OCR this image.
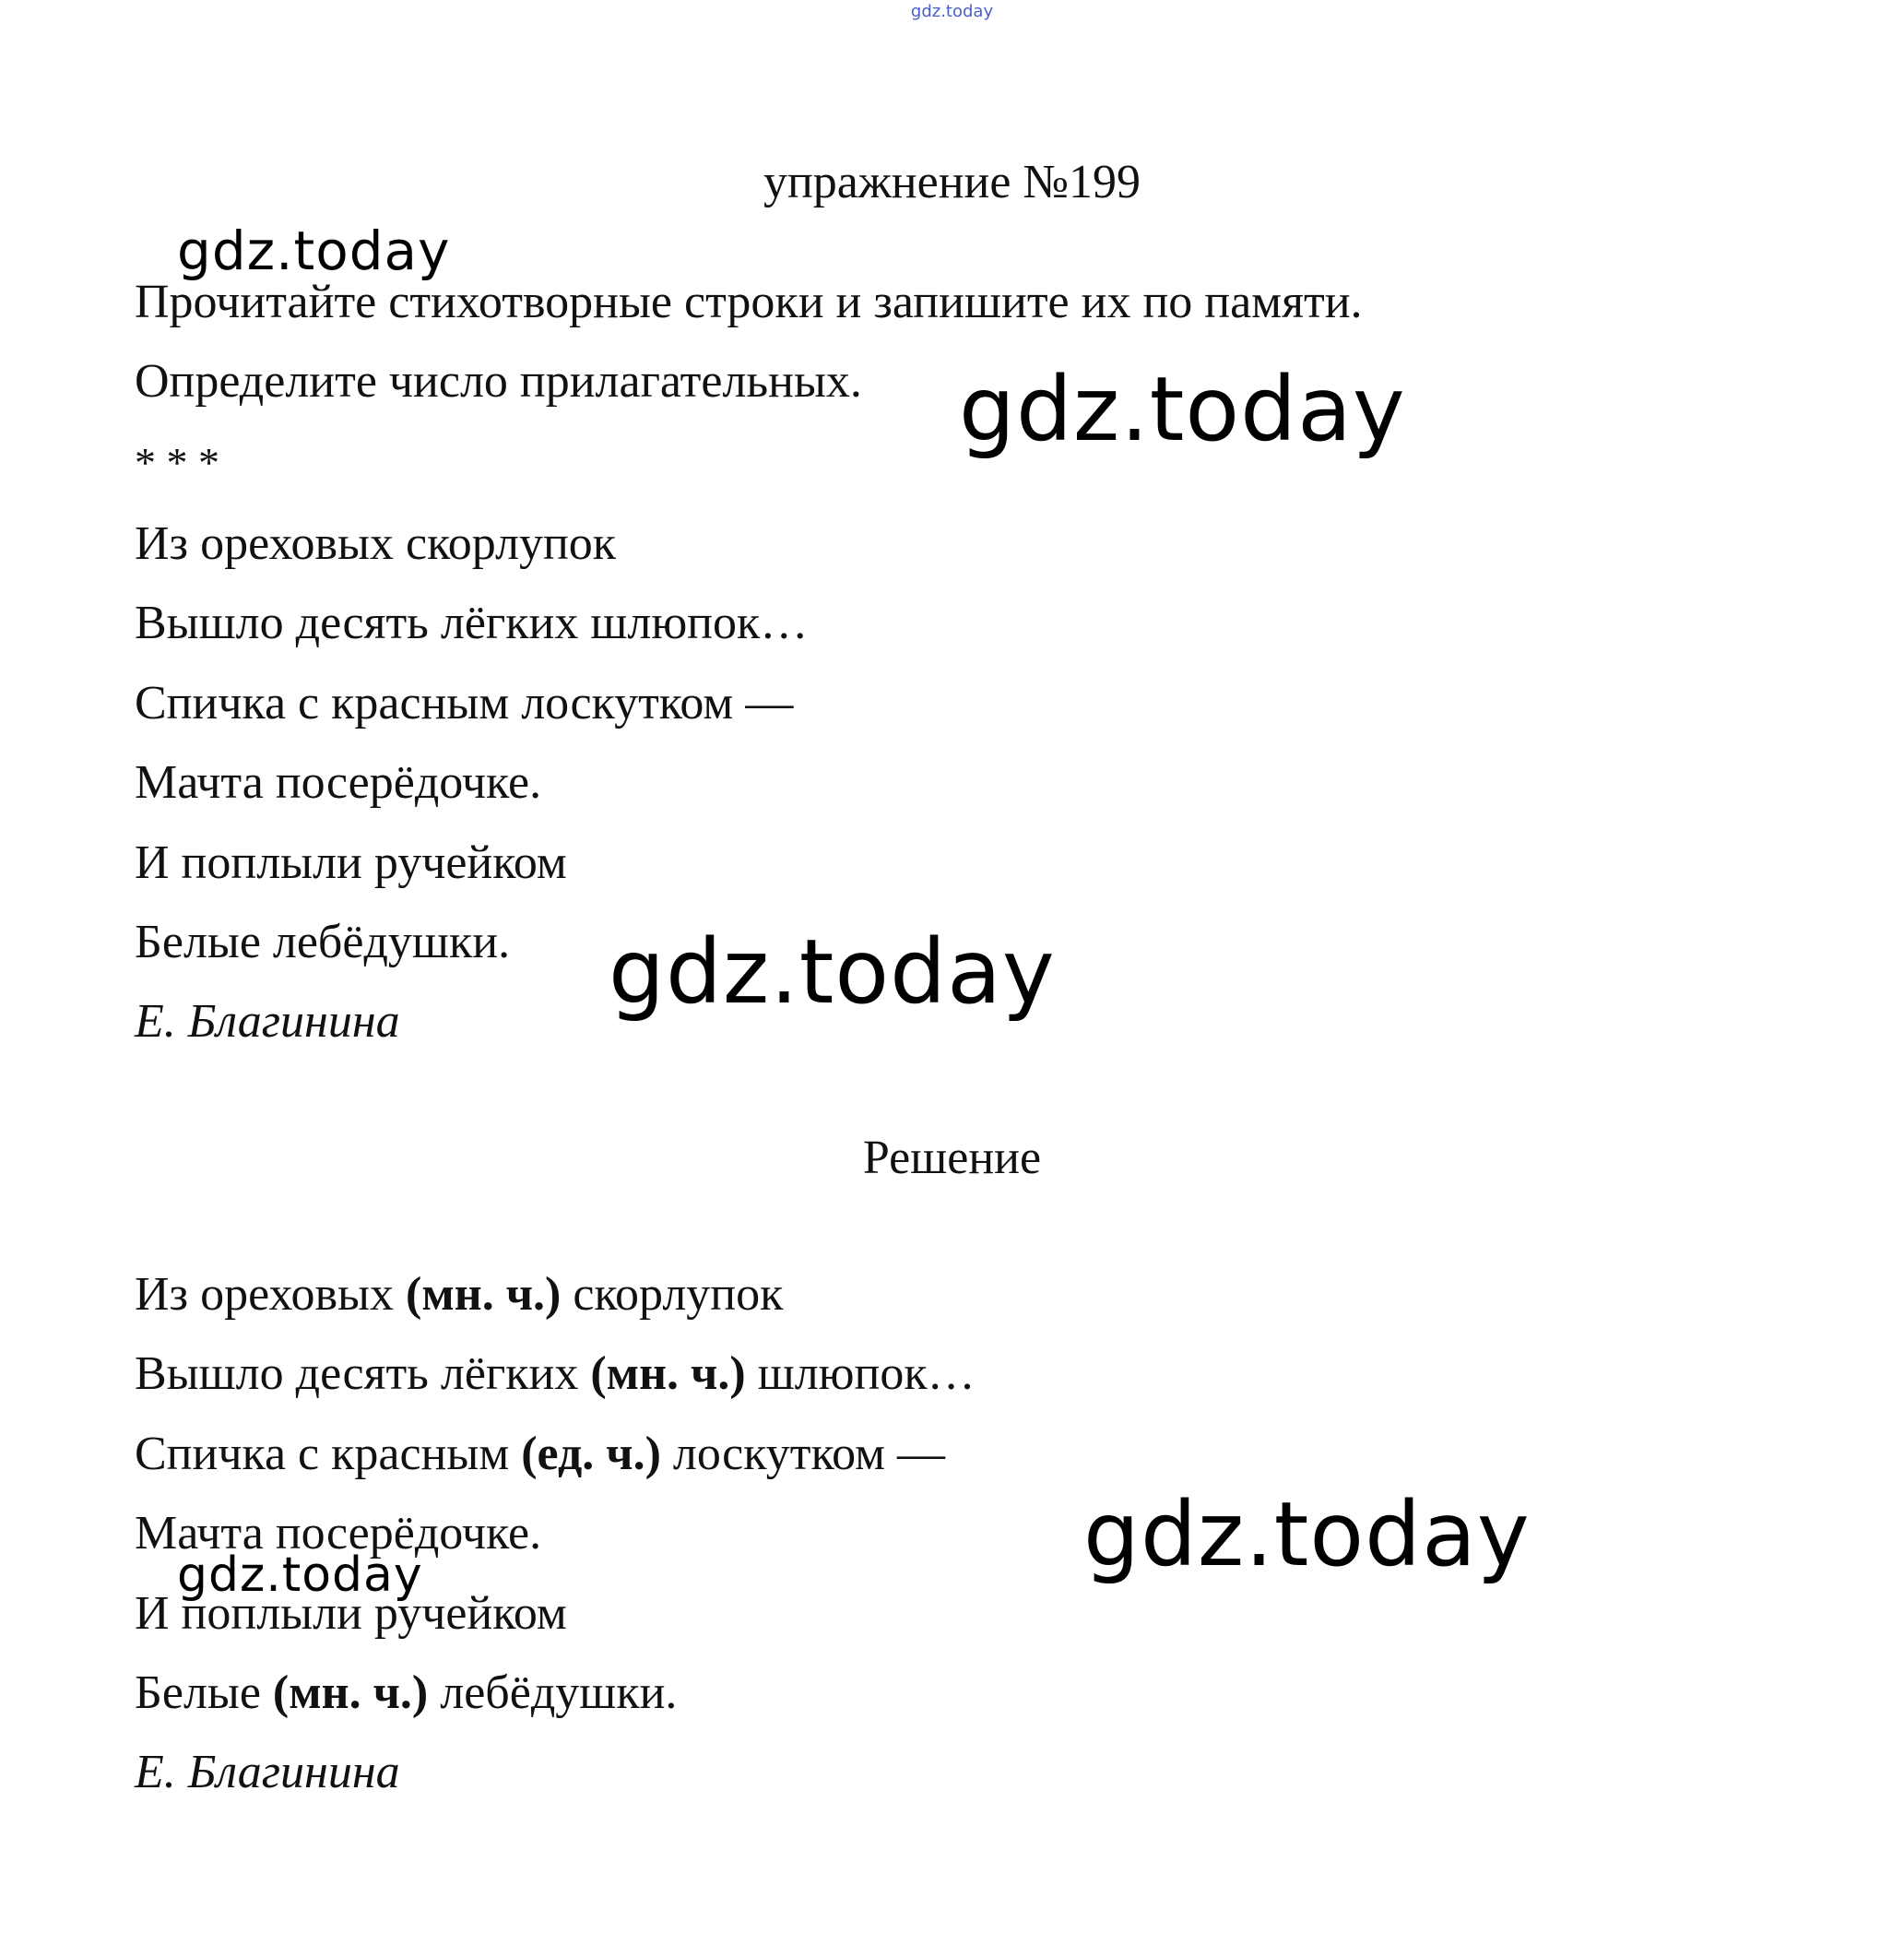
gdz.today
упражнение №199
Прочитайте стихотворные строки и запишите их по памяти.
Определите число прилагательных.
* * *
Из ореховых скорлупок
Вышло десять лёгких шлюпок…
Спичка с красным лоскутком —
Мачта посерёдочке.
И поплыли ручейком
Белые лебёдушки.
Е. Благинина
Решение
Из ореховых (мн. ч.) скорлупок
Вышло десять лёгких (мн. ч.) шлюпок…
Спичка с красным (ед. ч.) лоскутком —
Мачта посерёдочке.
И поплыли ручейком
Белые (мн. ч.) лебёдушки.
Е. Благинина
gdz.today
gdz.today
gdz.today
gdz.today
gdz.today
